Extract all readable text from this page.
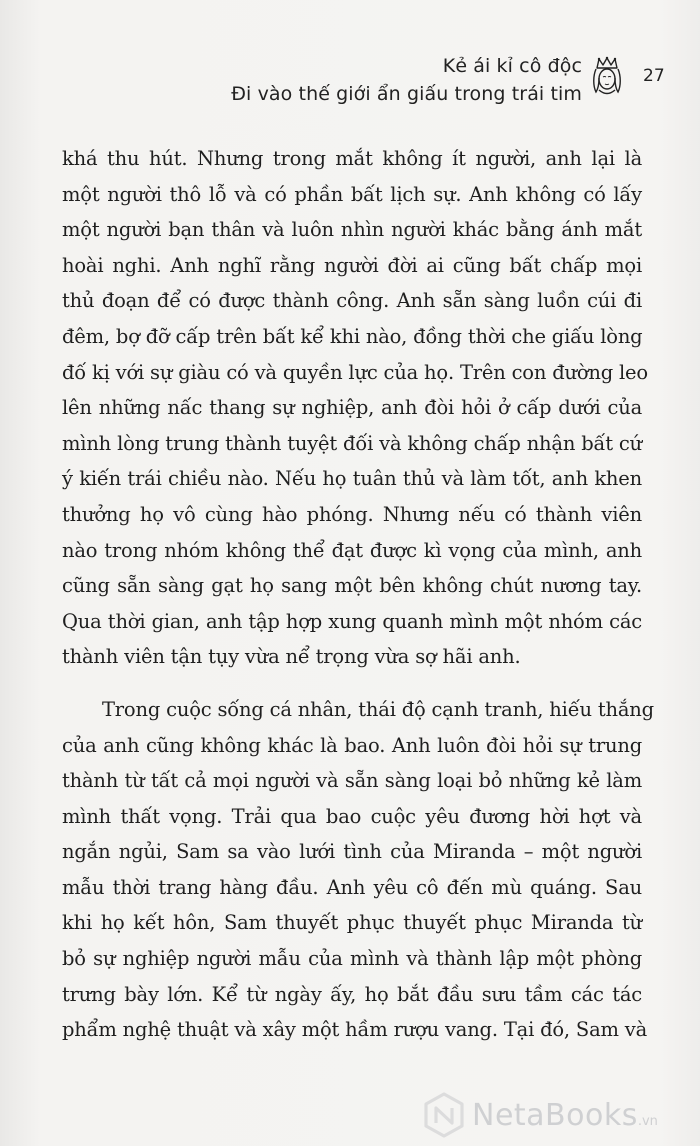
Kẻ ái kỉ cô độc
Đi vào thế giới ẩn giấu trong trái tim
27
khá thu hút. Nhưng trong mắt không ít người, anh lại là
một người thô lỗ và có phần bất lịch sự. Anh không có lấy
một người bạn thân và luôn nhìn người khác bằng ánh mắt
hoài nghi. Anh nghĩ rằng người đời ai cũng bất chấp mọi
thủ đoạn để có được thành công. Anh sẵn sàng luồn cúi đi
đêm, bợ đỡ cấp trên bất kể khi nào, đồng thời che giấu lòng
đố kị với sự giàu có và quyền lực của họ. Trên con đường leo
lên những nấc thang sự nghiệp, anh đòi hỏi ở cấp dưới của
mình lòng trung thành tuyệt đối và không chấp nhận bất cứ
ý kiến trái chiều nào. Nếu họ tuân thủ và làm tốt, anh khen
thưởng họ vô cùng hào phóng. Nhưng nếu có thành viên
nào trong nhóm không thể đạt được kì vọng của mình, anh
cũng sẵn sàng gạt họ sang một bên không chút nương tay.
Qua thời gian, anh tập hợp xung quanh mình một nhóm các
thành viên tận tụy vừa nể trọng vừa sợ hãi anh.
Trong cuộc sống cá nhân, thái độ cạnh tranh, hiếu thắng
của anh cũng không khác là bao. Anh luôn đòi hỏi sự trung
thành từ tất cả mọi người và sẵn sàng loại bỏ những kẻ làm
mình thất vọng. Trải qua bao cuộc yêu đương hời hợt và
ngắn ngủi, Sam sa vào lưới tình của Miranda – một người
mẫu thời trang hàng đầu. Anh yêu cô đến mù quáng. Sau
khi họ kết hôn, Sam thuyết phục thuyết phục Miranda từ
bỏ sự nghiệp người mẫu của mình và thành lập một phòng
trưng bày lớn. Kể từ ngày ấy, họ bắt đầu sưu tầm các tác
phẩm nghệ thuật và xây một hầm rượu vang. Tại đó, Sam và
NetaBooks.vn
